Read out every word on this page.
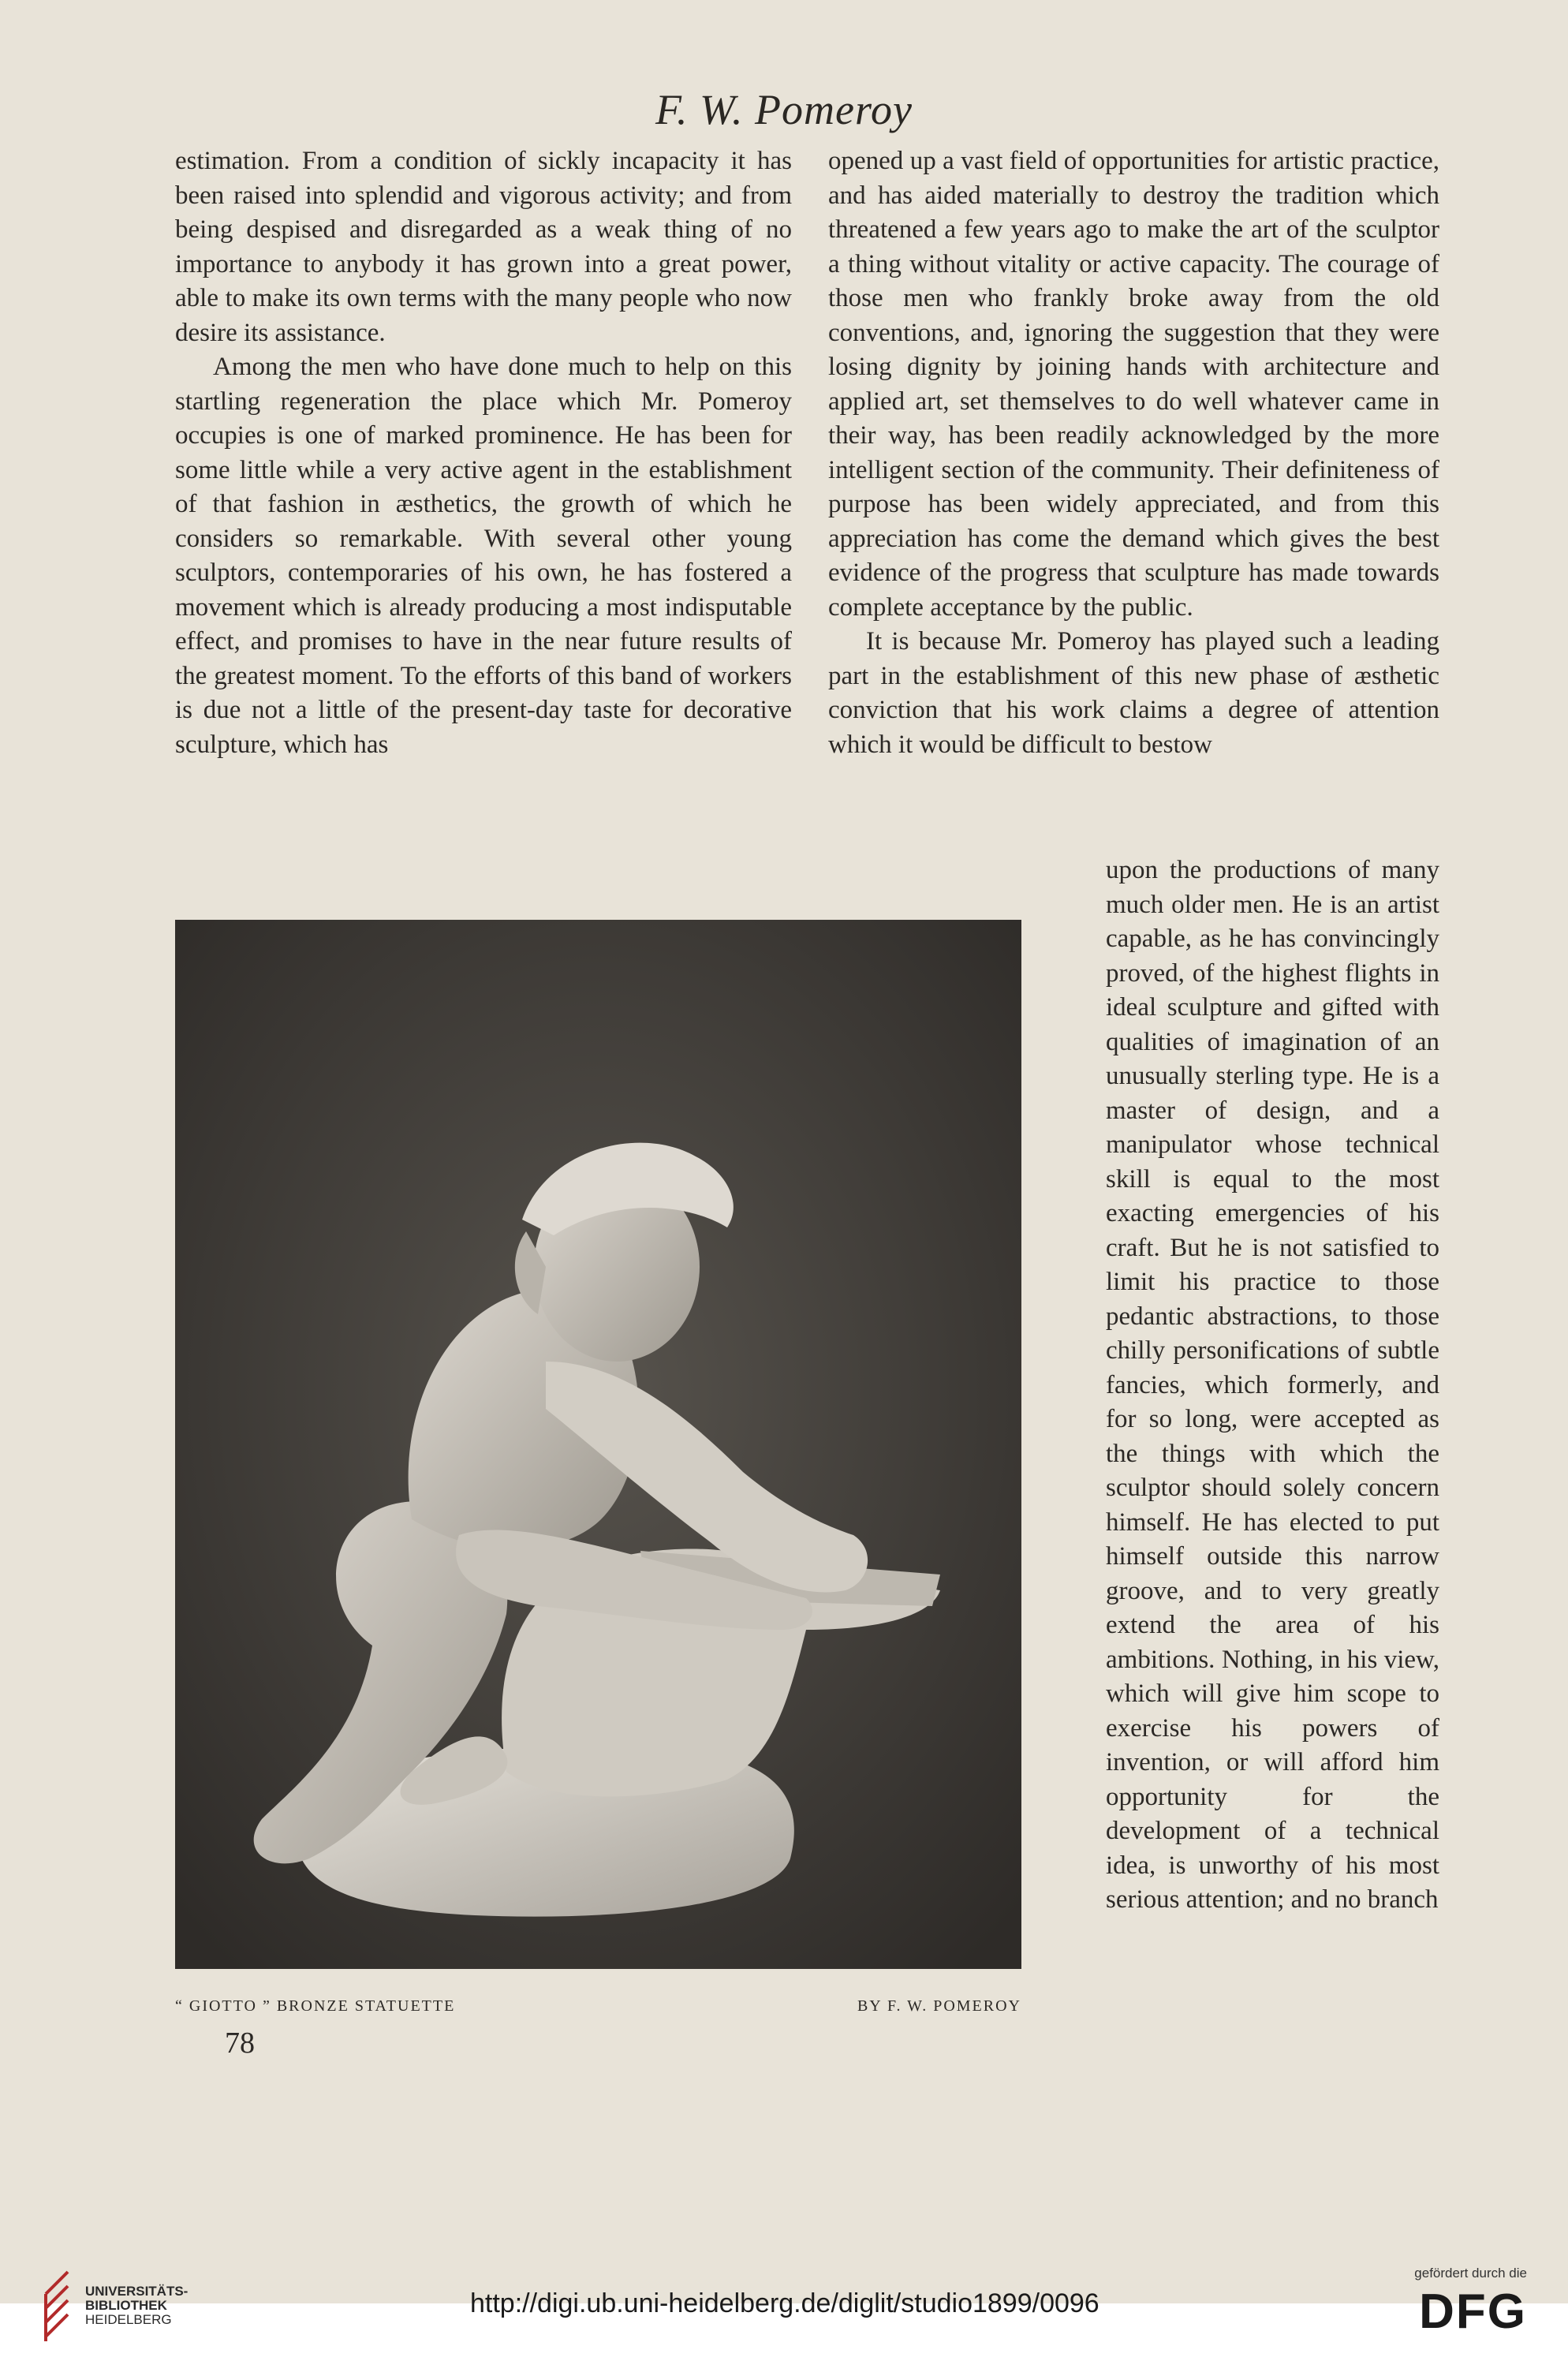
F. W. Pomeroy

estimation. From a condition of sickly incapacity it has been raised into splendid and vigorous activity; and from being despised and disregarded as a weak thing of no importance to anybody it has grown into a great power, able to make its own terms with the many people who now desire its assistance.

Among the men who have done much to help on this startling regeneration the place which Mr. Pomeroy occupies is one of marked prominence. He has been for some little while a very active agent in the establishment of that fashion in æsthetics, the growth of which he considers so remarkable. With several other young sculptors, contemporaries of his own, he has fostered a movement which is already producing a most indisputable effect, and promises to have in the near future results of the greatest moment. To the efforts of this band of workers is due not a little of the present-day taste for decorative sculpture, which has

opened up a vast field of opportunities for artistic practice, and has aided materially to destroy the tradition which threatened a few years ago to make the art of the sculptor a thing without vitality or active capacity. The courage of those men who frankly broke away from the old conventions, and, ignoring the suggestion that they were losing dignity by joining hands with architecture and applied art, set themselves to do well whatever came in their way, has been readily acknowledged by the more intelligent section of the community. Their definiteness of purpose has been widely appreciated, and from this appreciation has come the demand which gives the best evidence of the progress that sculpture has made towards complete acceptance by the public.

It is because Mr. Pomeroy has played such a leading part in the establishment of this new phase of æsthetic conviction that his work claims a degree of attention which it would be difficult to bestow

upon the productions of many much older men. He is an artist capable, as he has convincingly proved, of the highest flights in ideal sculpture and gifted with qualities of imagination of an unusually sterling type. He is a master of design, and a manipulator whose technical skill is equal to the most exacting emergencies of his craft. But he is not satisfied to limit his practice to those pedantic abstractions, to those chilly personifications of subtle fancies, which formerly, and for so long, were accepted as the things with which the sculptor should solely concern himself. He has elected to put himself outside this narrow groove, and to very greatly extend the area of his ambitions. Nothing, in his view, which will give him scope to exercise his powers of invention, or will afford him opportunity for the development of a technical idea, is unworthy of his most serious attention; and no branch

“ GIOTTO ” BRONZE STATUETTE	BY F. W. POMEROY
78
UNIVERSITÄTS-
BIBLIOTHEK
HEIDELBERG
http://digi.ub.uni-heidelberg.de/diglit/studio1899/0096
gefördert durch die
DFG
